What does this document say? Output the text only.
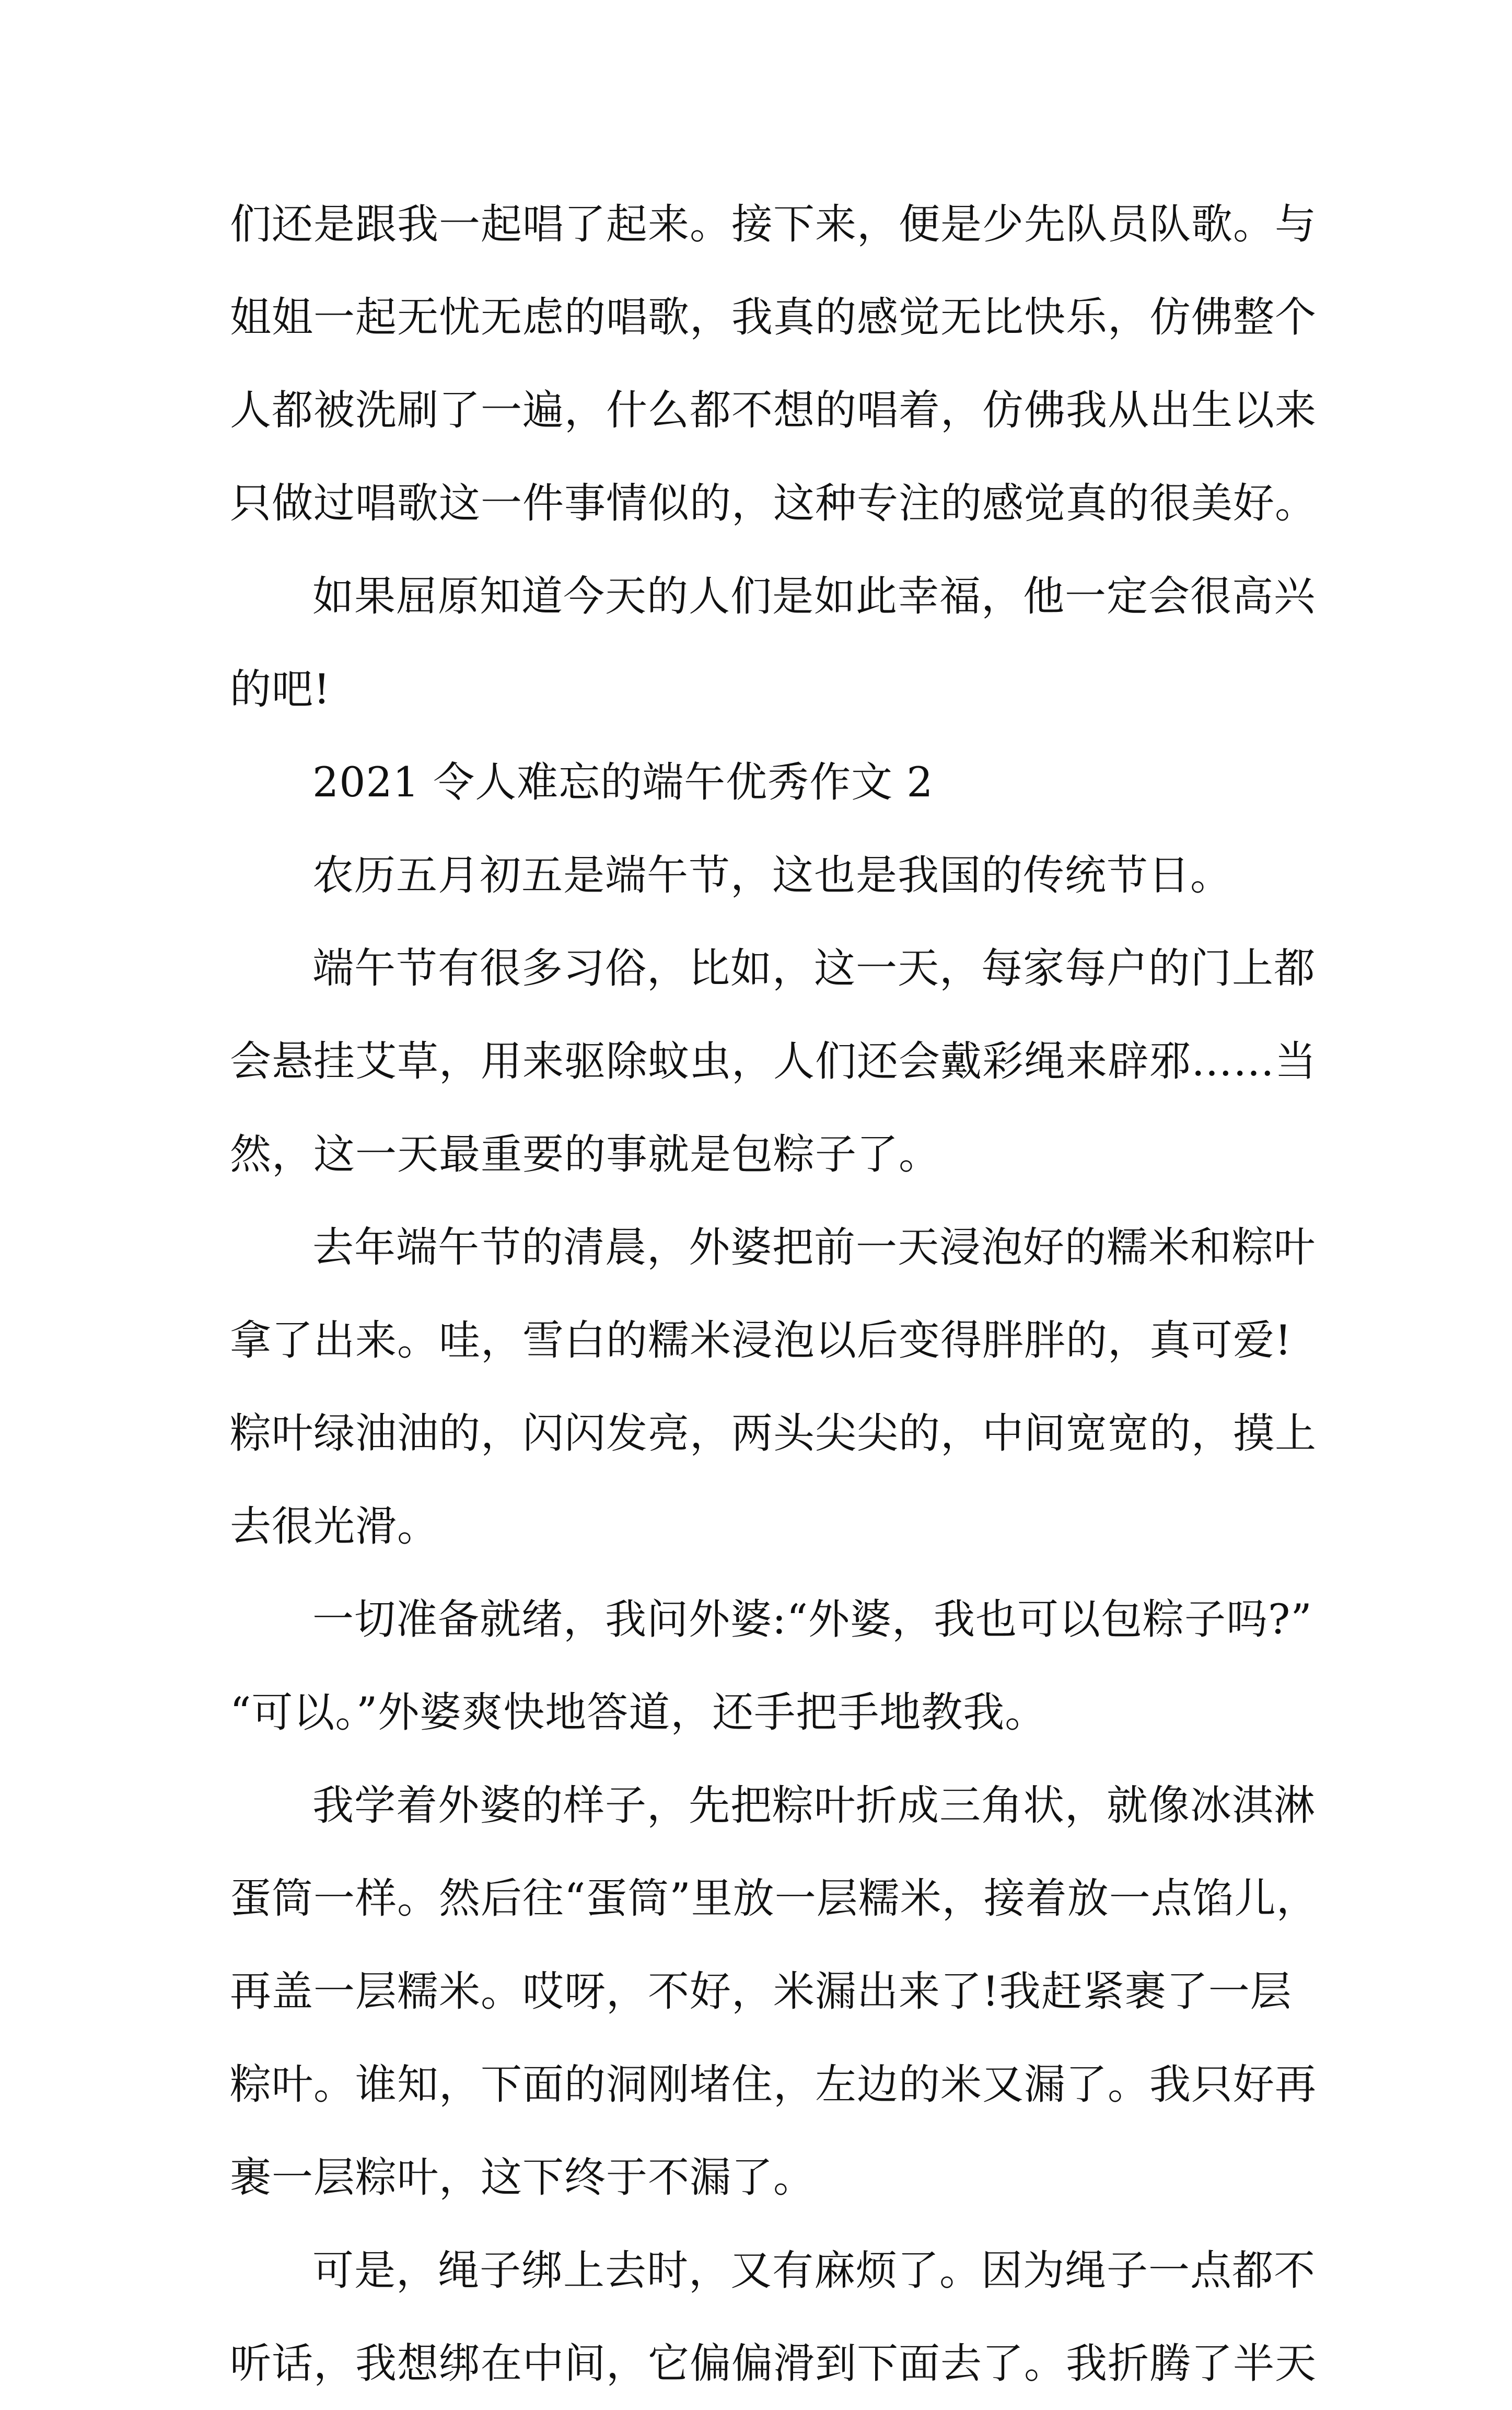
们还是跟我一起唱了起来。接下来，便是少先队员队歌。与
姐姐一起无忧无虑的唱歌，我真的感觉无比快乐，仿佛整个
人都被洗刷了一遍，什么都不想的唱着，仿佛我从出生以来
只做过唱歌这一件事情似的，这种专注的感觉真的很美好。
如果屈原知道今天的人们是如此幸福，他一定会很高兴
的吧!
2021 令人难忘的端午优秀作文 2
农历五月初五是端午节，这也是我国的传统节日。
端午节有很多习俗，比如，这一天，每家每户的门上都
会悬挂艾草，用来驱除蚊虫，人们还会戴彩绳来辟邪……当
然，这一天最重要的事就是包粽子了。
去年端午节的清晨，外婆把前一天浸泡好的糯米和粽叶
拿了出来。哇，雪白的糯米浸泡以后变得胖胖的，真可爱!
粽叶绿油油的，闪闪发亮，两头尖尖的，中间宽宽的，摸上
去很光滑。
一切准备就绪，我问外婆:“外婆，我也可以包粽子吗?”
“可以。”外婆爽快地答道，还手把手地教我。
我学着外婆的样子，先把粽叶折成三角状，就像冰淇淋
蛋筒一样。然后往“蛋筒”里放一层糯米，接着放一点馅儿，
再盖一层糯米。哎呀，不好，米漏出来了!我赶紧裹了一层
粽叶。谁知，下面的洞刚堵住，左边的米又漏了。我只好再
裹一层粽叶，这下终于不漏了。
可是，绳子绑上去时，又有麻烦了。因为绳子一点都不
听话，我想绑在中间，它偏偏滑到下面去了。我折腾了半天
